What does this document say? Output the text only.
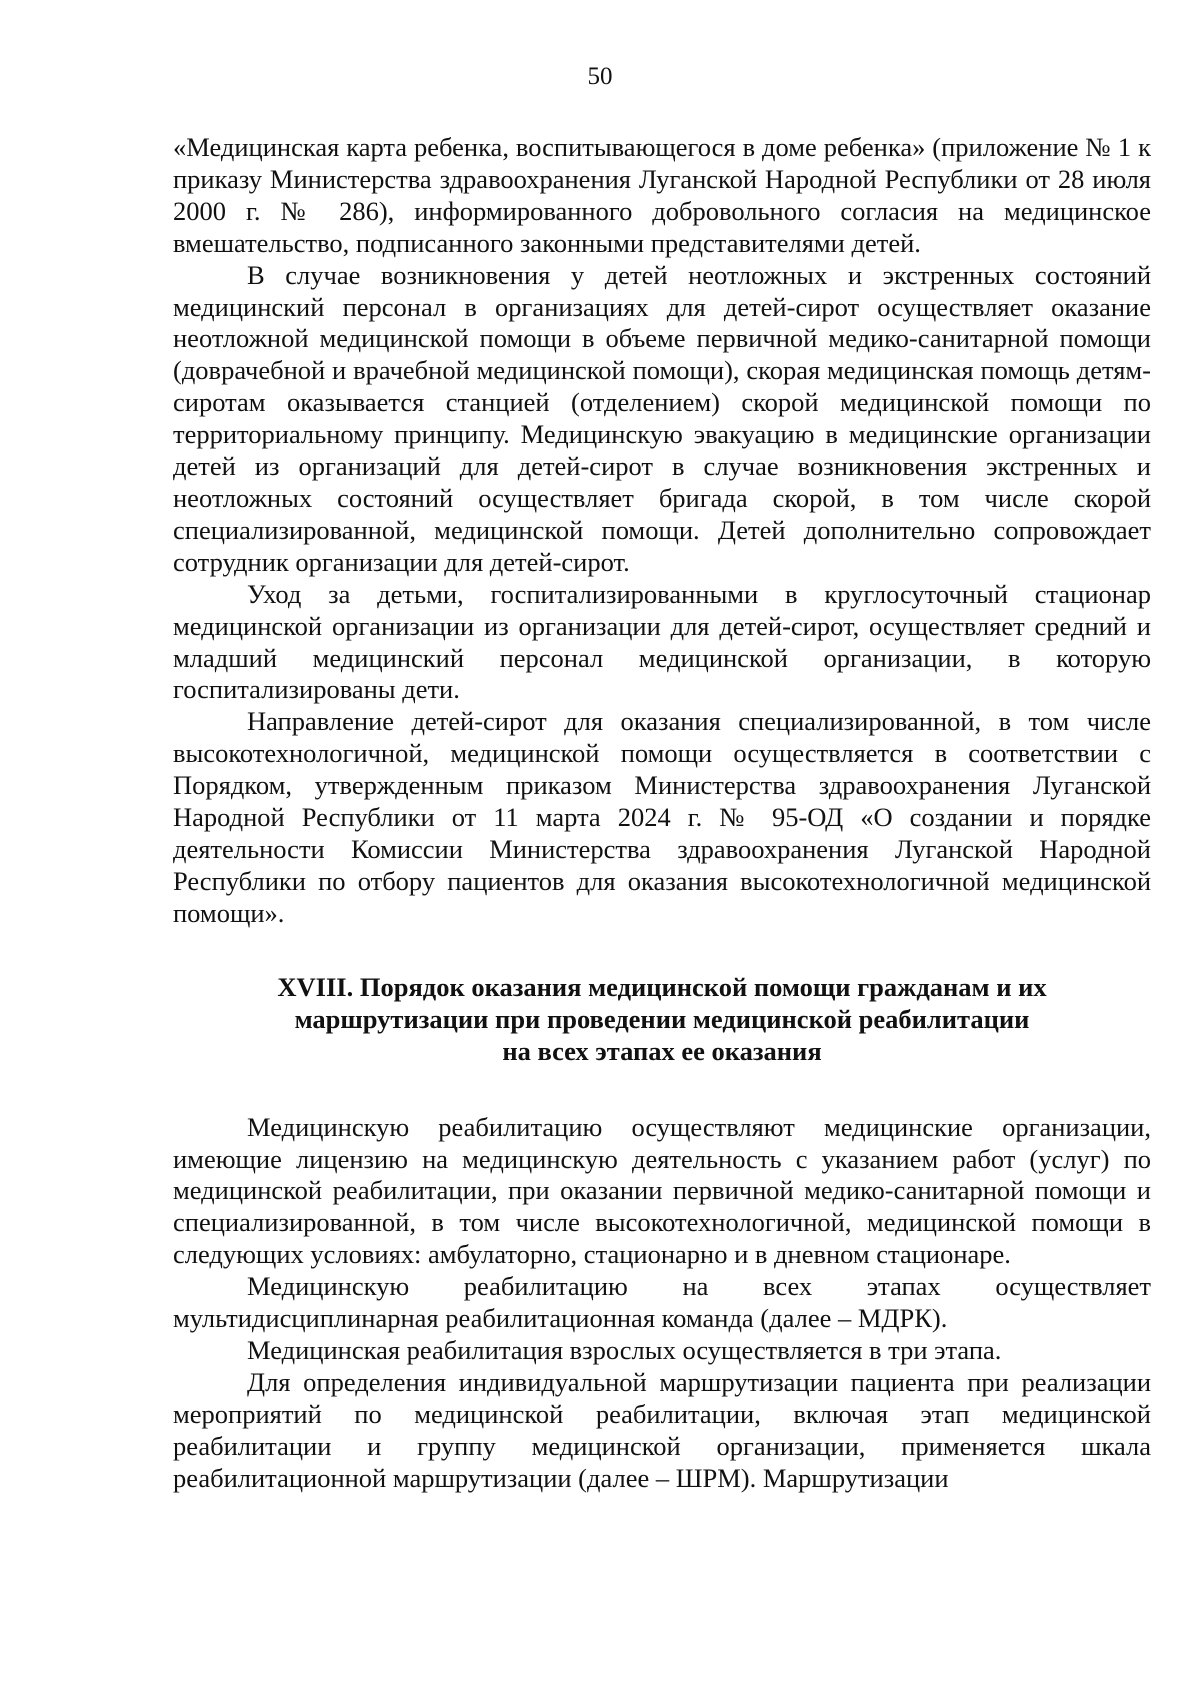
50

«Медицинская карта ребенка, воспитывающегося в доме ребенка» (приложение № 1 к приказу Министерства здравоохранения Луганской Народной Республики от 28 июля 2000 г. № 286), информированного добровольного согласия на медицинское вмешательство, подписанного законными представителями детей.

В случае возникновения у детей неотложных и экстренных состояний медицинский персонал в организациях для детей-сирот осуществляет оказание неотложной медицинской помощи в объеме первичной медико-санитарной помощи (доврачебной и врачебной медицинской помощи), скорая медицинская помощь детям-сиротам оказывается станцией (отделением) скорой медицинской помощи по территориальному принципу. Медицинскую эвакуацию в медицинские организации детей из организаций для детей-сирот в случае возникновения экстренных и неотложных состояний осуществляет бригада скорой, в том числе скорой специализированной, медицинской помощи. Детей дополнительно сопровождает сотрудник организации для детей-сирот.

Уход за детьми, госпитализированными в круглосуточный стационар медицинской организации из организации для детей-сирот, осуществляет средний и младший медицинский персонал медицинской организации, в которую госпитализированы дети.

Направление детей-сирот для оказания специализированной, в том числе высокотехнологичной, медицинской помощи осуществляется в соответствии с Порядком, утвержденным приказом Министерства здравоохранения Луганской Народной Республики от 11 марта 2024 г. № 95-ОД «О создании и порядке деятельности Комиссии Министерства здравоохранения Луганской Народной Республики по отбору пациентов для оказания высокотехнологичной медицинской помощи».

XVIII. Порядок оказания медицинской помощи гражданам и их
маршрутизации при проведении медицинской реабилитации
на всех этапах ее оказания

Медицинскую реабилитацию осуществляют медицинские организации, имеющие лицензию на медицинскую деятельность с указанием работ (услуг) по медицинской реабилитации, при оказании первичной медико-санитарной помощи и специализированной, в том числе высокотехнологичной, медицинской помощи в следующих условиях: амбулаторно, стационарно и в дневном стационаре.

Медицинскую реабилитацию на всех этапах осуществляет мультидисциплинарная реабилитационная команда (далее – МДРК).

Медицинская реабилитация взрослых осуществляется в три этапа.

Для определения индивидуальной маршрутизации пациента при реализации мероприятий по медицинской реабилитации, включая этап медицинской реабилитации и группу медицинской организации, применяется шкала реабилитационной маршрутизации (далее – ШРМ). Маршрутизации
